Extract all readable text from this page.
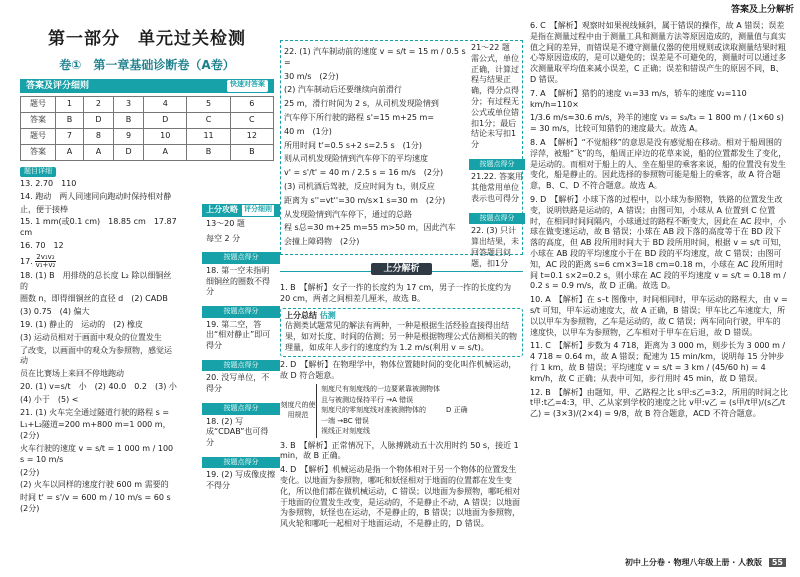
答案及上分解析
第一部分　单元过关检测
卷①　第一章基础诊断卷（A卷）
答案及评分细则	快速对答案
题号	1	2	3	4	5	6
答案	B	D	B	D	C	C
题号	7	8	9	10	11	12
答案	A	A	D	A	B	B
题目详细
13. 2.70　110
14. 跑动　两人同速同向跑动时保持相对静
止，便于接棒
15. 1 mm(或0.1 cm)　18.85 cm　17.87 cm
16. 70　12
17. $\frac{\text{2v₁v₂}}{\text{v₁+v₂}}$
18. (1) B　用排绕的总长度 L₂ 除以细铜丝的
圈数 n，即得细铜丝的直径 d　(2) CADB
(3) 0.75　(4) 偏大
19. (1) 静止的　运动的　(2) 橡皮
(3) 运动员相对于画面中观众的位置发生
了改变，以画面中的观众为参照物，感觉运动
员在比赛场上来回不停地跑动
20. (1) v=s/t　小　(2) 40.0　0.2　(3) 小
(4) 小于　(5) <
21. (1) 火车完全通过隧道行驶的路程 s =
L₁+L₂隧道=200 m+800 m=1 000 m，(2分)
火车行驶的速度 v = s/t = 1 000 m / 100 s = 10 m/s
(2分)
(2) 火车以同样的速度行驶 600 m 需要的
时间 t' = s'/v = 600 m / 10 m/s = 60 s　(2分)
上分攻略 评分细则
13～20 题
每空 2 分
按题点得分
18. 第一空未指明细铜丝的圈数不得分
按题点得分
19. 第二空，答出“相对静止”即可得分
按题点得分
20. 没写单位，不得分
按题点得分
18. (2) 写成“CDAB”也可得分
按题点得分
19. (2) 写成像皮擦不得分
22. (1) 汽车制动前的速度 v = s/t = 15 m / 0.5 s =
30 m/s　(2分)
(2) 汽车制动后还要继续向前滑行
25 m，滑行时间为 2 s，从司机发现险情到
汽车停下所行驶的路程 s'=15 m+25 m=
40 m　(1分)
所用时间 t'=0.5 s+2 s=2.5 s　(1分)
则从司机发现险情到汽车停下的平均速度
v' = s'/t' = 40 m / 2.5 s = 16 m/s　(2分)
(3) 司机酒后驾驶，反应时间为 t₁，则反应
距离为 s''=vt''=30 m/s×1 s=30 m　(2分)
从发现险情到汽车停下，通过的总路
程 s总=30 m+25 m=55 m>50 m，因此汽车
会撞上障碍物　(2分)
21～22 题　需公式，单位正确，计算过程与结果正确，得分点得分；有过程无公式或单位错扣1分；最后结论未写扣1分
按题点得分
21.22. 答案用其他常用单位表示也可得分
按题点得分
22. (3) 只计算出结果，未回答题目问题，扣1分
上分解析
1. B　【解析】女子一拃的长度约为 17 cm，男子一拃的长度约为 20 cm，两者之间相差几厘米，故选 B。
上分总结 估测
估测类试题常见的解法有两种，一种是根据生活经验直接得出结果，如对长度、时间的估测；另一种是根据物理公式估测相关的物理量，如成年人步行的速度约为 1.2 m/s(利用 v = s/t)。
2. D　【解析】在物理学中，物体位置随时间的变化叫作机械运动，故 D 符合题意。
刻度尺的使用规范
刻度尺有刻度线的一边要紧靠被测物体
且与被测边保持平行 →A 错误
刻度尺的零刻度线对准被测物体的
一端 →BC 错误
视线正对刻度线
D 正确
3. B　【解析】正常情况下，人脉搏跳动五十次用时约 50 s，接近 1 min，故 B 正确。
4. D　【解析】机械运动是指一个物体相对于另一个物体的位置发生变化。以地面为参照物，哪吒和妖怪相对于地面的位置都在发生变化，所以他们都在做机械运动，C 错误；以地面为参照物，哪吒相对于地面的位置发生改变，是运动的，不是静止不动，A 错误；以地面为参照物，妖怪也在运动，不是静止的，B 错误；以地面为参照物，风火轮和哪吒一起相对于地面运动，不是静止的，D 错误。
6. C　【解析】观察时如果视线倾斜，属于错误的操作，故 A 错误；误差是指在测量过程中由于测量工具和测量方法等原因造成的，测量值与真实值之间的差异，而错误是不遵守测量仪器的使用规则或读取测量结果时粗心等原因造成的，是可以避免的；误差是不可避免的，测量时可以通过多次测量取平均值来减小误差，C 正确；误差和错误产生的原因不同，B、D 错误。
7. A　【解析】猎豹的速度 v₁=33 m/s，轿车的速度 v₂=110 km/h=110×
1/3.6 m/s≈30.6 m/s，羚羊的速度 v₃ = s₃/t₃ = 1 800 m / (1×60 s) = 30 m/s，比较可知猎豹的速度最大。故选 A。
8. A　【解析】“不觉船移”的意思是没有感觉船在移动。相对于船周围的浮萍，被船“飞”的鸟，船周正岸边的花草来说，船的位置都发生了变化，是运动的。而相对于船上的人、坐在船里的乘客来说，船的位置没有发生变化，船是静止的。因此选择的参照物可能是船上的乘客，故 A 符合题意，B、C、D 不符合题意。故选 A。
9. D　【解析】小球下落的过程中，以小球为参照物，铁路的位置发生改变，说明铁路是运动的，A 错误；由图可知，小球从 A 位置到 C 位置时，在相同时间间隔内，小球通过的路程不断变大，因此在 AC 段中，小球在做变速运动，故 B 错误；小球在 AB 段下落的高度等于在 BD 段下落的高度，但 AB 段所用时间大于 BD 段所用时间，根据 v = s/t 可知，小球在 AB 段的平均速度小于在 BD 段的平均速度，故 C 错误；由图可知，AC 段的距离 s=6 cm×3=18 cm=0.18 m，小球在 AC 段所用时间 t=0.1 s×2=0.2 s，则小球在 AC 段的平均速度 v = s/t = 0.18 m / 0.2 s = 0.9 m/s，故 D 正确。故选 D。
10. A　【解析】在 s–t 图像中，时间相同时，甲车运动的路程大，由 v = s/t 可知，甲车运动速度大，故 A 正确，B 错误；甲车比乙车速度大，所以以甲车为参照物，乙车是运动的，故 C 错误；两车同向行驶，甲车的速度快，以甲车为参照物，乙车相对于甲车在后退，故 D 错误。
11. C　【解析】步数为 4 718，距离为 3 000 m，则步长为 3 000 m / 4 718 ≈ 0.64 m，故 A 错误；配速为 15 min/km，说明每 15 分钟步行 1 km，故 B 错误；平均速度 v = s/t = 3 km / (45/60 h) = 4 km/h，故 C 正确；从表中可知，步行用时 45 min，故 D 错误。
12. B　【解析】由题知，甲、乙路程之比 s甲:s乙=3:2，所用的时间之比 t甲:t乙=4:3，甲、乙从家到学校的速度之比 v甲:v乙 = (s甲/t甲)/(s乙/t乙) = (3×3)/(2×4) = 9/8，故 B 符合题意，ACD 不符合题意。
初中上分卷 · 物理八年级上册 · 人教版 55
